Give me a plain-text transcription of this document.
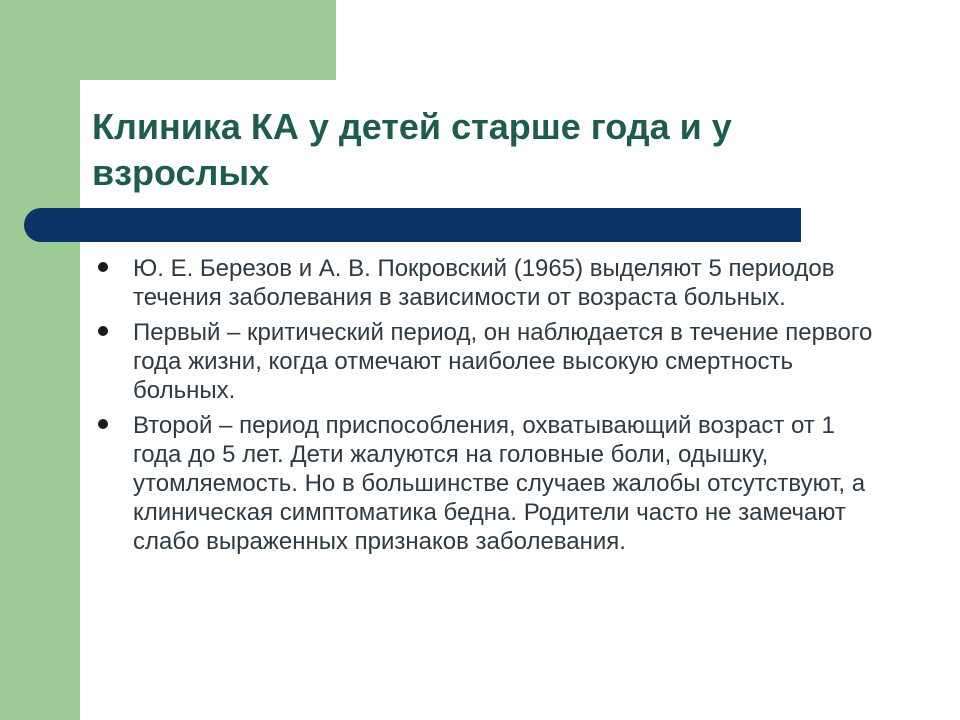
Клиника КА у детей старше года и у взрослых
Ю. Е. Березов и А. В. Покровский (1965) выделяют 5 периодов течения заболевания в зависимости от возраста больных.
Первый – критический период, он наблюдается в течение первого года жизни, когда отмечают наиболее высокую смертность больных.
Второй – период приспособления, охватывающий возраст от 1 года до 5 лет. Дети жалуются на головные боли, одышку, утомляемость. Но в большинстве случаев жалобы отсутствуют, а клиническая симптоматика бедна. Родители часто не замечают слабо выраженных признаков заболевания.
